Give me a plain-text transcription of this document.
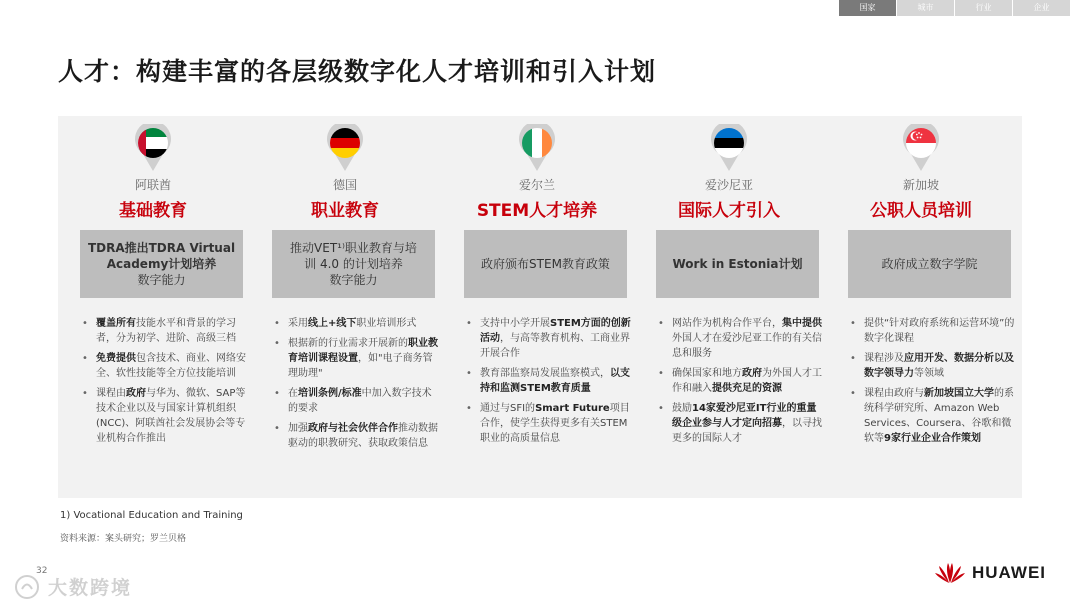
国家	城市	行业	企业
人才：构建丰富的各层级数字化人才培训和引入计划
阿联酋
基础教育
TDRA推出TDRA Virtual
Academy计划培养
数字能力
• 覆盖所有技能水平和背景的学习者，分为初学、进阶、高级三档
• 免费提供包含技术、商业、网络安全、软性技能等全方位技能培训
• 课程由政府与华为、微软、SAP等技术企业以及与国家计算机组织(NCC)、阿联酋社会发展协会等专业机构合作推出
德国
职业教育
推动VET¹⁾职业教育与培
训 4.0 的计划培养
数字能力
• 采用线上+线下职业培训形式
• 根据新的行业需求开展新的职业教育培训课程设置，如"电子商务管理助理"
• 在培训条例/标准中加入数字技术的要求
• 加强政府与社会伙伴合作推动数据驱动的职教研究、获取政策信息
爱尔兰
STEM人才培养
政府颁布STEM教育政策
• 支持中小学开展STEM方面的创新活动，与高等教育机构、工商业界开展合作
• 教育部监察局发展监察模式，以支持和监测STEM教育质量
• 通过与SFI的Smart Future项目合作，使学生获得更多有关STEM职业的高质量信息
爱沙尼亚
国际人才引入
Work in Estonia计划
• 网站作为机构合作平台，集中提供外国人才在爱沙尼亚工作的有关信息和服务
• 确保国家和地方政府为外国人才工作和融入提供充足的资源
• 鼓励14家爱沙尼亚IT行业的重量级企业参与人才定向招募，以寻找更多的国际人才
新加坡
公职人员培训
政府成立数字学院
• 提供“针对政府系统和运营环境”的数字化课程
• 课程涉及应用开发、数据分析以及数字领导力等领域
• 课程由政府与新加坡国立大学的系统科学研究所、Amazon Web Services、Coursera、谷歌和微软等9家行业企业合作策划
1) Vocational Education and Training
资料来源：案头研究；罗兰贝格
32
大数跨境
HUAWEI
